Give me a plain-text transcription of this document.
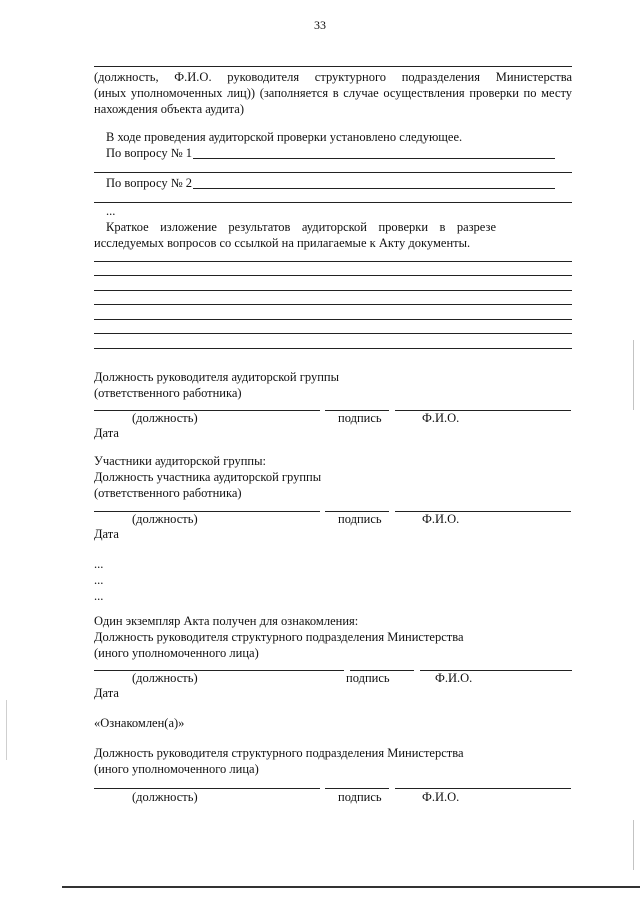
33
(должность, Ф.И.О. руководителя структурного подразделения Министерства
(иных уполномоченных лиц)) (заполняется в случае осуществления проверки по месту
нахождения объекта аудита)
В ходе проведения аудиторской проверки установлено следующее.
По вопросу № 1
По вопросу № 2
...
Краткое изложение результатов аудиторской проверки в разрезе
исследуемых вопросов со ссылкой на прилагаемые к Акту документы.
Должность руководителя аудиторской группы
(ответственного работника)
(должность)	подпись	Ф.И.О.
Дата
Участники аудиторской группы:
Должность участника аудиторской группы
(ответственного работника)
(должность)	подпись	Ф.И.О.
Дата
...
...
...
Один экземпляр Акта получен для ознакомления:
Должность руководителя структурного подразделения Министерства
(иного уполномоченного лица)
(должность)	подпись	Ф.И.О.
Дата
«Ознакомлен(а)»
Должность руководителя структурного подразделения Министерства
(иного уполномоченного лица)
(должность)	подпись	Ф.И.О.
